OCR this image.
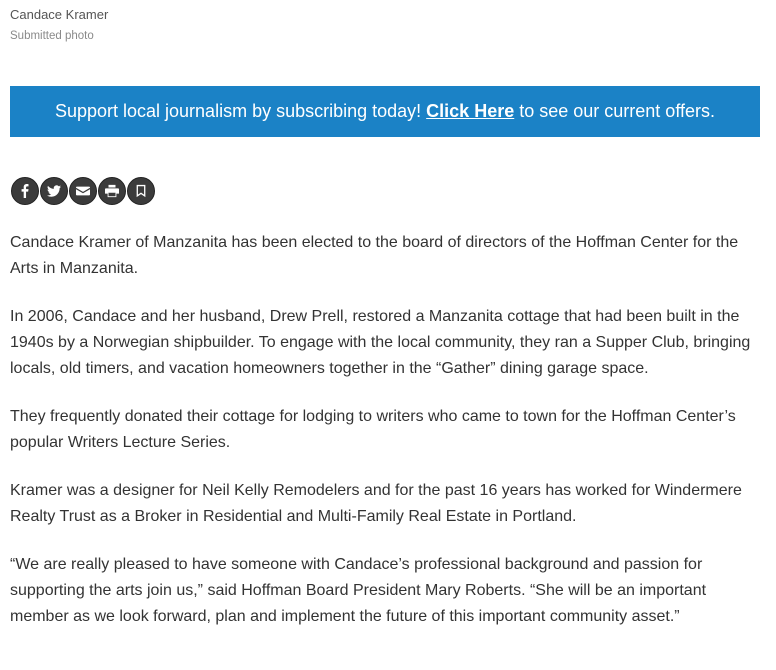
Candace Kramer
Submitted photo
Support local journalism by subscribing today! Click Here to see our current offers.

Candace Kramer of Manzanita has been elected to the board of directors of the Hoffman Center for the Arts in Manzanita.

In 2006, Candace and her husband, Drew Prell, restored a Manzanita cottage that had been built in the 1940s by a Norwegian shipbuilder. To engage with the local community, they ran a Supper Club, bringing locals, old timers, and vacation homeowners together in the “Gather” dining garage space.

They frequently donated their cottage for lodging to writers who came to town for the Hoffman Center’s popular Writers Lecture Series.

Kramer was a designer for Neil Kelly Remodelers and for the past 16 years has worked for Windermere Realty Trust as a Broker in Residential and Multi-Family Real Estate in Portland.

“We are really pleased to have someone with Candace’s professional background and passion for supporting the arts join us,” said Hoffman Board President Mary Roberts. “She will be an important member as we look forward, plan and implement the future of this important community asset.”
